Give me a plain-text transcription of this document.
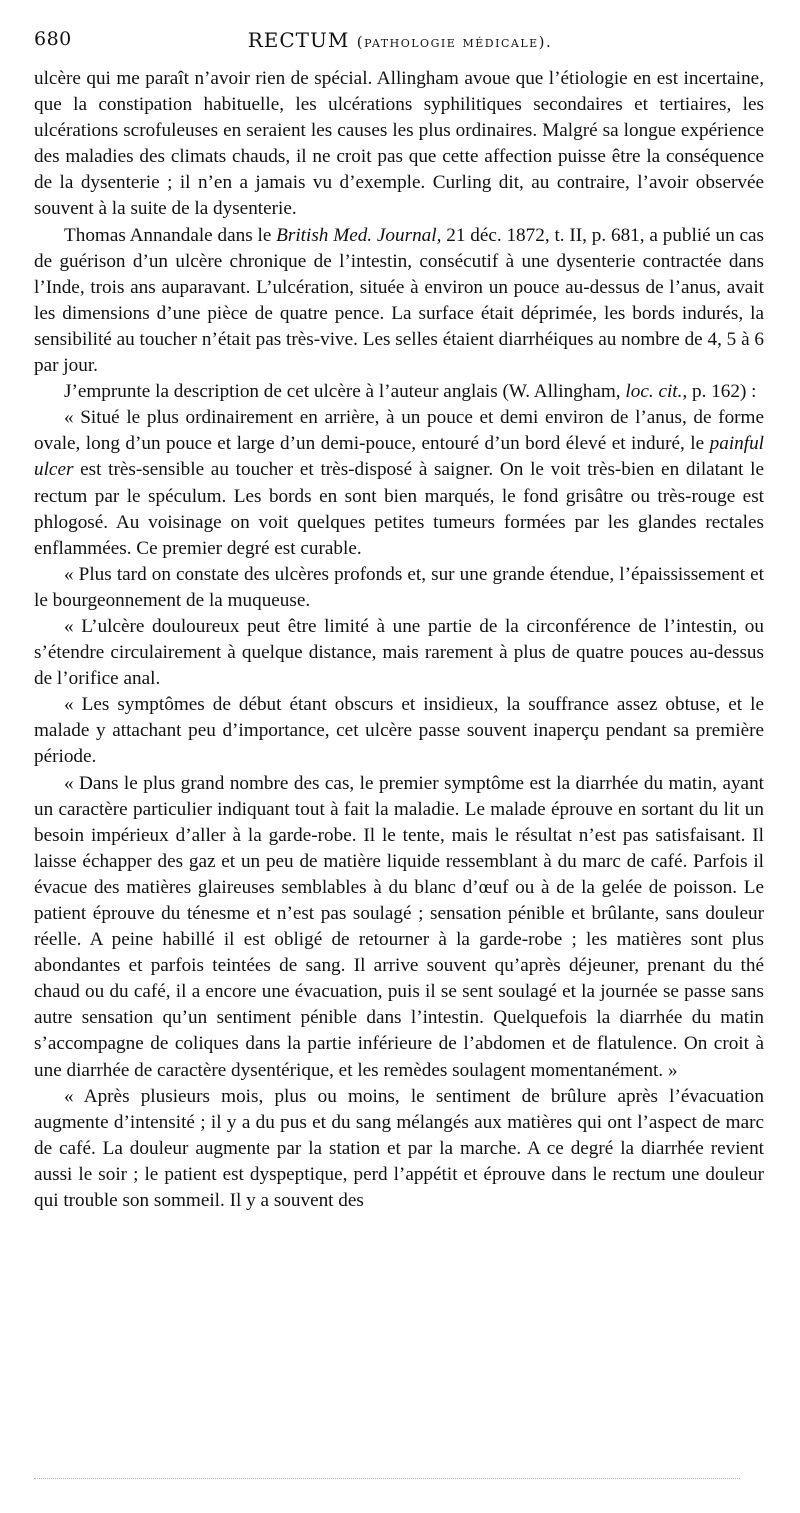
680	RECTUM (pathologie médicale).

ulcère qui me paraît n’avoir rien de spécial. Allingham avoue que l’étiologie en est incertaine, que la constipation habituelle, les ulcérations syphilitiques secondaires et tertiaires, les ulcérations scrofuleuses en seraient les causes les plus ordinaires. Malgré sa longue expérience des maladies des climats chauds, il ne croit pas que cette affection puisse être la conséquence de la dysenterie ; il n’en a jamais vu d’exemple. Curling dit, au contraire, l’avoir observée souvent à la suite de la dysenterie.

Thomas Annandale dans le British Med. Journal, 21 déc. 1872, t. II, p. 681, a publié un cas de guérison d’un ulcère chronique de l’intestin, consécutif à une dysenterie contractée dans l’Inde, trois ans auparavant. L’ulcération, située à environ un pouce au-dessus de l’anus, avait les dimensions d’une pièce de quatre pence. La surface était déprimée, les bords indurés, la sensibilité au toucher n’était pas très-vive. Les selles étaient diarrhéiques au nombre de 4, 5 à 6 par jour.

J’emprunte la description de cet ulcère à l’auteur anglais (W. Allingham, loc. cit., p. 162) :

« Situé le plus ordinairement en arrière, à un pouce et demi environ de l’anus, de forme ovale, long d’un pouce et large d’un demi-pouce, entouré d’un bord élevé et induré, le painful ulcer est très-sensible au toucher et très-disposé à saigner. On le voit très-bien en dilatant le rectum par le spéculum. Les bords en sont bien marqués, le fond grisâtre ou très-rouge est phlogosé. Au voisinage on voit quelques petites tumeurs formées par les glandes rectales enflammées. Ce premier degré est curable.

« Plus tard on constate des ulcères profonds et, sur une grande étendue, l’épaississement et le bourgeonnement de la muqueuse.

« L’ulcère douloureux peut être limité à une partie de la circonférence de l’intestin, ou s’étendre circulairement à quelque distance, mais rarement à plus de quatre pouces au-dessus de l’orifice anal.

« Les symptômes de début étant obscurs et insidieux, la souffrance assez obtuse, et le malade y attachant peu d’importance, cet ulcère passe souvent inaperçu pendant sa première période.

« Dans le plus grand nombre des cas, le premier symptôme est la diarrhée du matin, ayant un caractère particulier indiquant tout à fait la maladie. Le malade éprouve en sortant du lit un besoin impérieux d’aller à la garde-robe. Il le tente, mais le résultat n’est pas satisfaisant. Il laisse échapper des gaz et un peu de matière liquide ressemblant à du marc de café. Parfois il évacue des matières glaireuses semblables à du blanc d’œuf ou à de la gelée de poisson. Le patient éprouve du ténesme et n’est pas soulagé ; sensation pénible et brûlante, sans douleur réelle. A peine habillé il est obligé de retourner à la garde-robe ; les matières sont plus abondantes et parfois teintées de sang. Il arrive souvent qu’après déjeuner, prenant du thé chaud ou du café, il a encore une évacuation, puis il se sent soulagé et la journée se passe sans autre sensation qu’un sentiment pénible dans l’intestin. Quelquefois la diarrhée du matin s’accompagne de coliques dans la partie inférieure de l’abdomen et de flatulence. On croit à une diarrhée de caractère dysentérique, et les remèdes soulagent momentanément. »

« Après plusieurs mois, plus ou moins, le sentiment de brûlure après l’évacuation augmente d’intensité ; il y a du pus et du sang mélangés aux matières qui ont l’aspect de marc de café. La douleur augmente par la station et par la marche. A ce degré la diarrhée revient aussi le soir ; le patient est dyspeptique, perd l’appétit et éprouve dans le rectum une douleur qui trouble son sommeil. Il y a souvent des
